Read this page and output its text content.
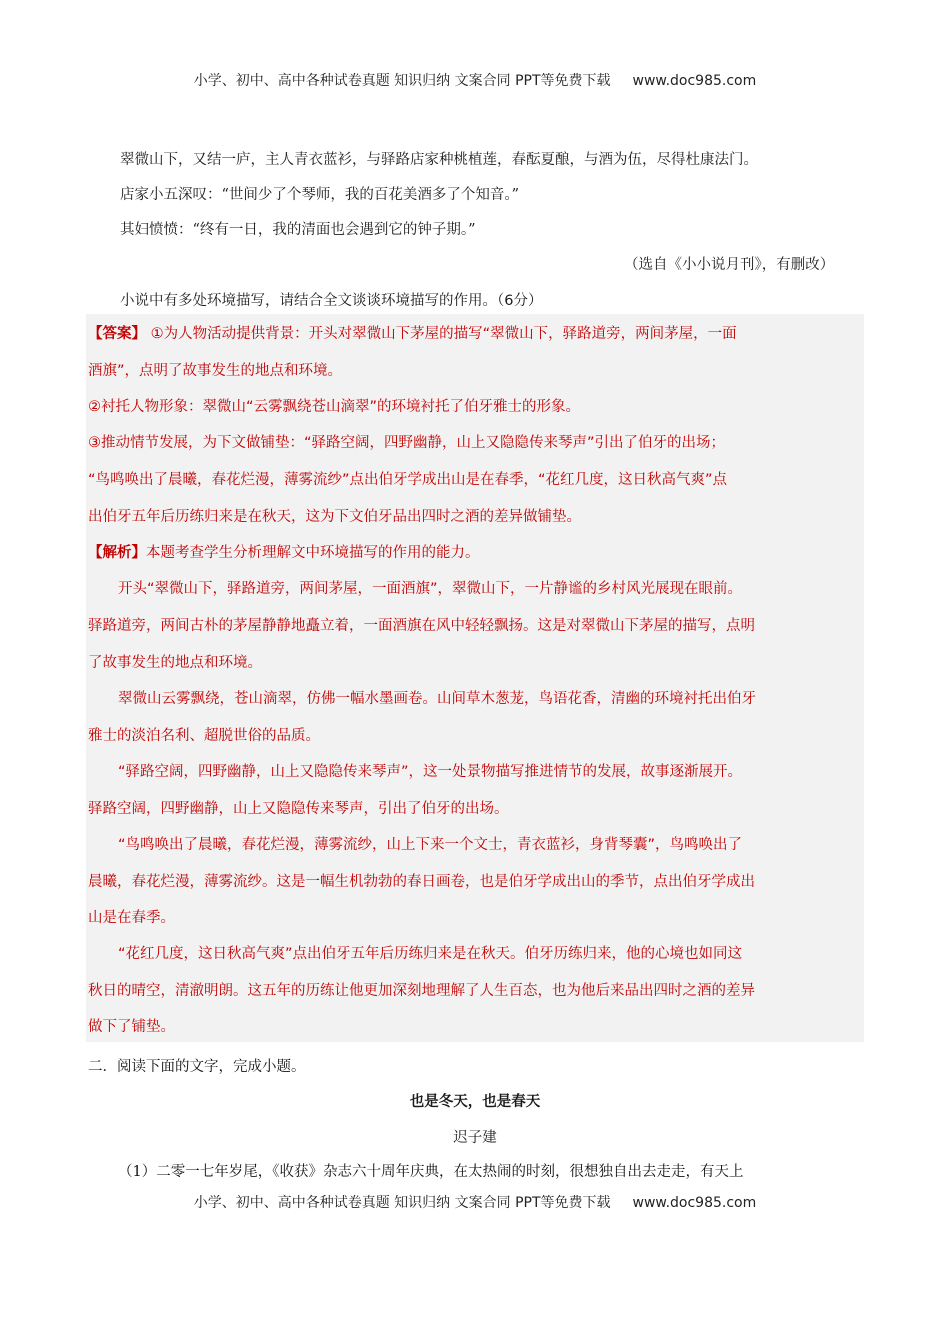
小学、初中、高中各种试卷真题 知识归纳 文案合同 PPT等免费下载 www.doc985.com

翠微山下，又结一庐，主人青衣蓝衫，与驿路店家种桃植莲，春酝夏酿，与酒为伍，尽得杜康法门。

店家小五深叹：“世间少了个琴师，我的百花美酒多了个知音。”

其妇愤愤：“终有一日，我的清面也会遇到它的钟子期。”

（选自《小小说月刊》，有删改）

小说中有多处环境描写，请结合全文谈谈环境描写的作用。（6分）

【答案】 ①为人物活动提供背景：开头对翠微山下茅屋的描写“翠微山下，驿路道旁，两间茅屋，一面

酒旗”，点明了故事发生的地点和环境。

②衬托人物形象：翠微山“云雾飘绕苍山滴翠”的环境衬托了伯牙雅士的形象。

③推动情节发展，为下文做铺垫：“驿路空阔，四野幽静，山上又隐隐传来琴声”引出了伯牙的出场；

“鸟鸣唤出了晨曦，春花烂漫，薄雾流纱”点出伯牙学成出山是在春季，“花红几度，这日秋高气爽”点

出伯牙五年后历练归来是在秋天，这为下文伯牙品出四时之酒的差异做铺垫。

【解析】本题考查学生分析理解文中环境描写的作用的能力。

开头“翠微山下，驿路道旁，两间茅屋，一面酒旗”，翠微山下，一片静谧的乡村风光展现在眼前。

驿路道旁，两间古朴的茅屋静静地矗立着，一面酒旗在风中轻轻飘扬。这是对翠微山下茅屋的描写，点明

了故事发生的地点和环境。

翠微山云雾飘绕，苍山滴翠，仿佛一幅水墨画卷。山间草木葱茏，鸟语花香，清幽的环境衬托出伯牙

雅士的淡泊名利、超脱世俗的品质。

“驿路空阔，四野幽静，山上又隐隐传来琴声”，这一处景物描写推进情节的发展，故事逐渐展开。

驿路空阔，四野幽静，山上又隐隐传来琴声，引出了伯牙的出场。

“鸟鸣唤出了晨曦，春花烂漫，薄雾流纱，山上下来一个文士，青衣蓝衫，身背琴囊”，鸟鸣唤出了

晨曦，春花烂漫，薄雾流纱。这是一幅生机勃勃的春日画卷，也是伯牙学成出山的季节，点出伯牙学成出

山是在春季。

“花红几度，这日秋高气爽”点出伯牙五年后历练归来是在秋天。伯牙历练归来，他的心境也如同这

秋日的晴空，清澈明朗。这五年的历练让他更加深刻地理解了人生百态，也为他后来品出四时之酒的差异

做下了铺垫。

二．阅读下面的文字，完成小题。
也是冬天，也是春天
迟子建
（1）二零一七年岁尾，《收获》杂志六十周年庆典，在太热闹的时刻，很想独自出去走走，有天上
小学、初中、高中各种试卷真题 知识归纳 文案合同 PPT等免费下载 www.doc985.com
